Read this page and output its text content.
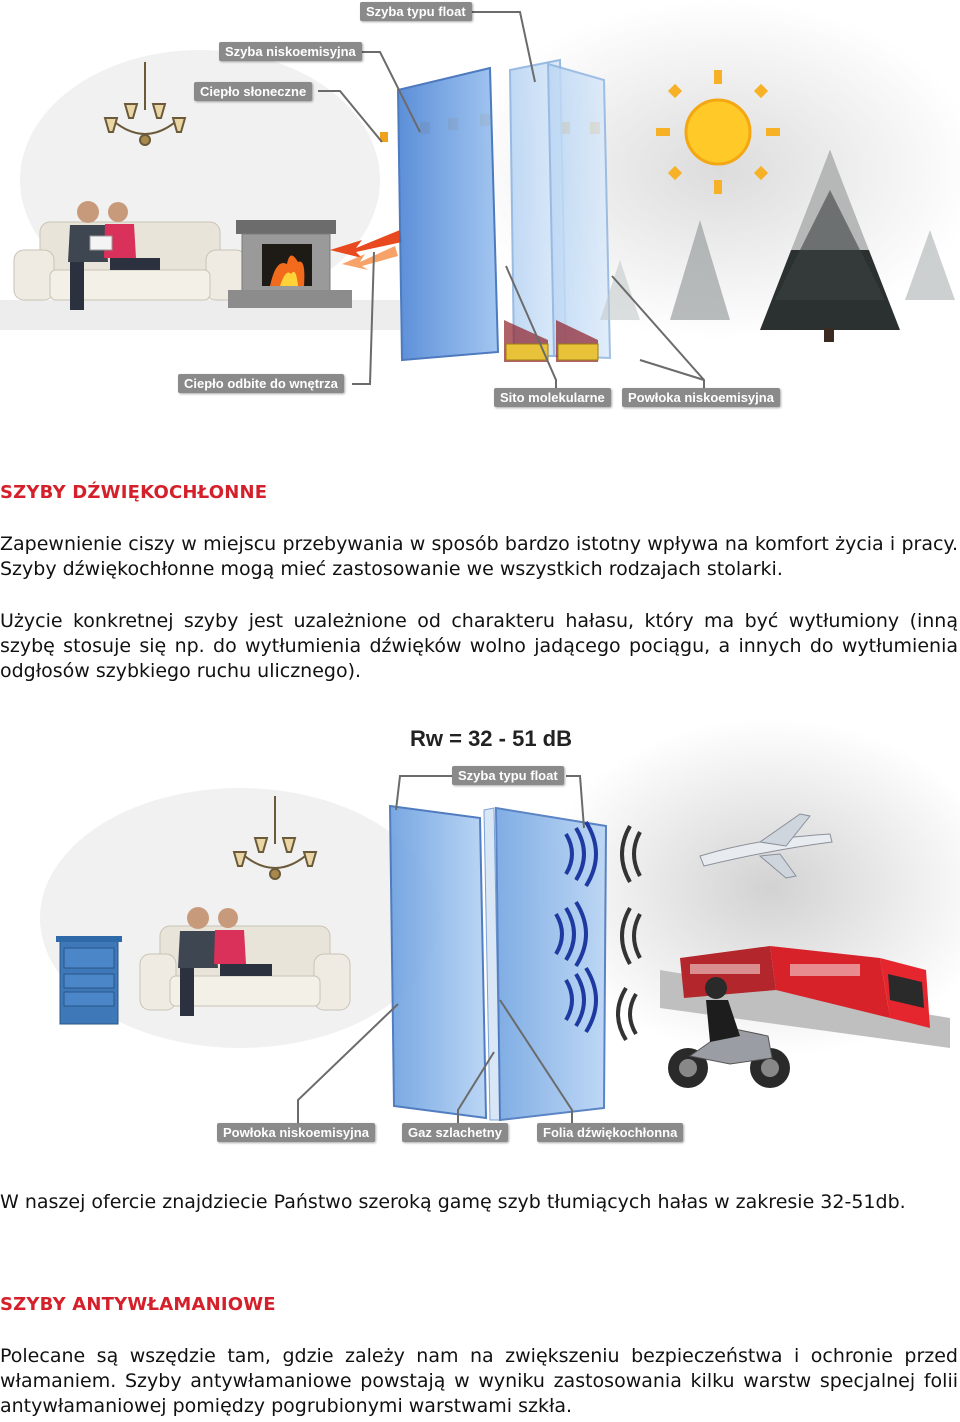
Szyba typu float
Szyba niskoemisyjna
Ciepło słoneczne
Ciepło odbite do wnętrza
Sito molekularne	Powłoka niskoemisyjna
SZYBY DŹWIĘKOCHŁONNE

Zapewnienie ciszy w miejscu przebywania w sposób bardzo istotny wpływa na komfort życia i pracy. Szyby dźwiękochłonne mogą mieć zastosowanie we wszystkich rodzajach stolarki.

Użycie konkretnej szyby jest uzależnione od charakteru hałasu, który ma być wytłumiony (inną szybę stosuje się np. do wytłumienia dźwięków wolno jadącego pociągu, a innych do wytłumienia odgłosów szybkiego ruchu ulicznego).

Rw = 32 - 51 dB
Szyba typu float
Powłoka niskoemisyjna	Gaz szlachetny	Folia dźwiękochłonna

W naszej ofercie znajdziecie Państwo szeroką gamę szyb tłumiących hałas w zakresie 32-51db.

SZYBY ANTYWŁAMANIOWE

Polecane są wszędzie tam, gdzie zależy nam na zwiększeniu bezpieczeństwa i ochronie przed włamaniem. Szyby antywłamaniowe powstają w wyniku zastosowania kilku warstw specjalnej folii antywłamaniowej pomiędzy pogrubionymi warstwami szkła.
